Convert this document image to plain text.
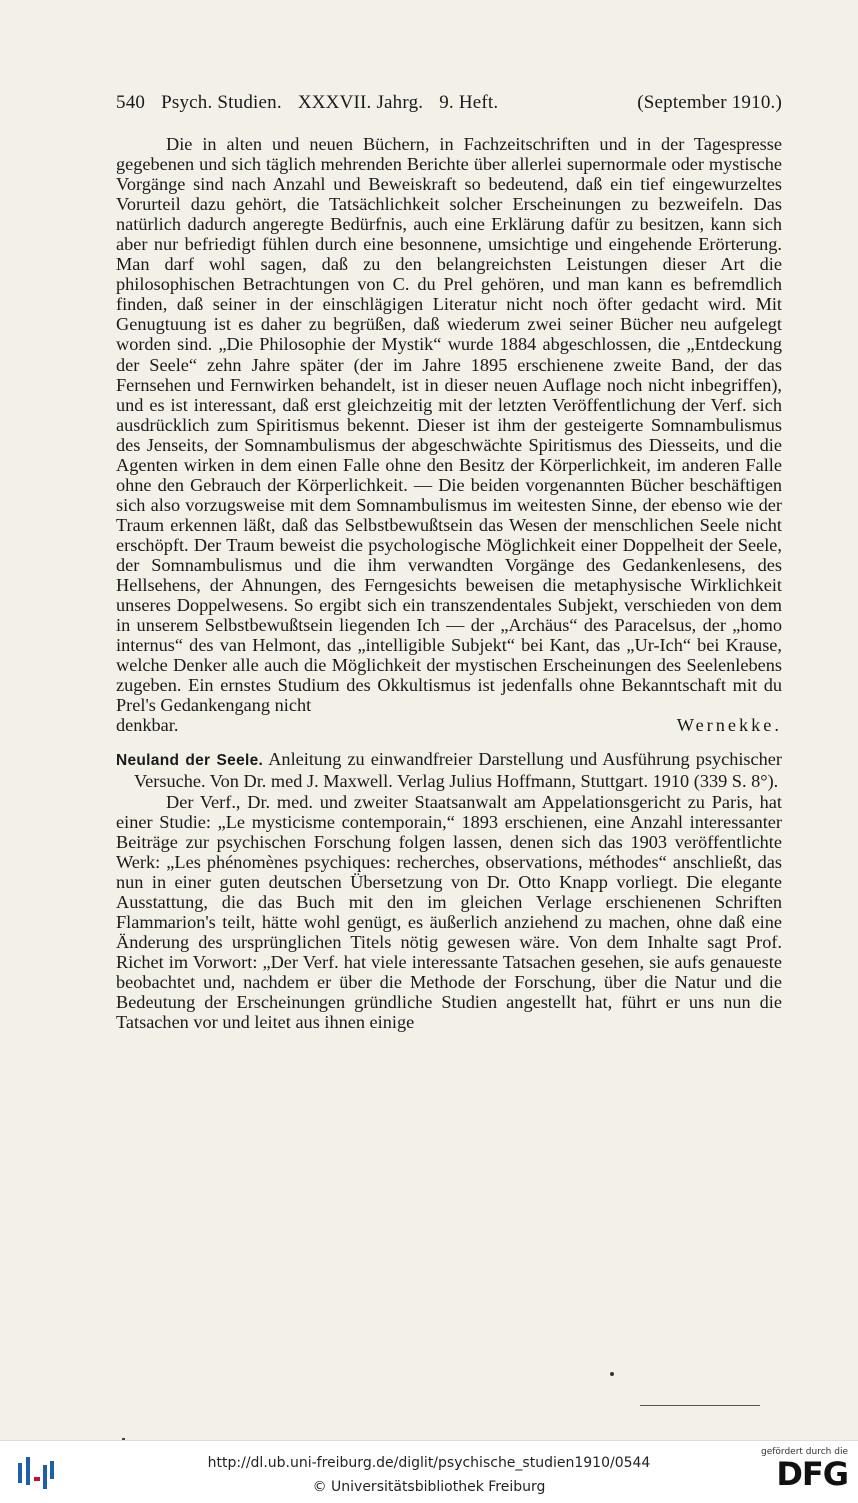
540 Psych. Studien. XXXVII. Jahrg. 9. Heft.	(September 1910.)

Die in alten und neuen Büchern, in Fachzeitschriften und in der Tagespresse gegebenen und sich täglich mehrenden Berichte über allerlei supernormale oder mystische Vorgänge sind nach Anzahl und Beweiskraft so bedeutend, daß ein tief eingewurzeltes Vorurteil dazu gehört, die Tatsächlichkeit solcher Erscheinungen zu bezweifeln. Das natürlich dadurch angeregte Bedürfnis, auch eine Erklärung dafür zu besitzen, kann sich aber nur befriedigt fühlen durch eine besonnene, umsichtige und eingehende Erörterung. Man darf wohl sagen, daß zu den belangreichsten Leistungen dieser Art die philosophischen Betrachtungen von C. du Prel gehören, und man kann es befremdlich finden, daß seiner in der einschlägigen Literatur nicht noch öfter gedacht wird. Mit Genugtuung ist es daher zu begrüßen, daß wiederum zwei seiner Bücher neu aufgelegt worden sind. „Die Philosophie der Mystik“ wurde 1884 abgeschlossen, die „Entdeckung der Seele“ zehn Jahre später (der im Jahre 1895 erschienene zweite Band, der das Fernsehen und Fernwirken behandelt, ist in dieser neuen Auflage noch nicht inbegriffen), und es ist interessant, daß erst gleichzeitig mit der letzten Veröffentlichung der Verf. sich ausdrücklich zum Spiritismus bekennt. Dieser ist ihm der gesteigerte Somnambulismus des Jenseits, der Somnambulismus der abgeschwächte Spiritismus des Diesseits, und die Agenten wirken in dem einen Falle ohne den Besitz der Körperlichkeit, im anderen Falle ohne den Gebrauch der Körperlichkeit. — Die beiden vorgenannten Bücher beschäftigen sich also vorzugsweise mit dem Somnambulismus im weitesten Sinne, der ebenso wie der Traum erkennen läßt, daß das Selbstbewußtsein das Wesen der menschlichen Seele nicht erschöpft. Der Traum beweist die psychologische Möglichkeit einer Doppelheit der Seele, der Somnambulismus und die ihm verwandten Vorgänge des Gedankenlesens, des Hellsehens, der Ahnungen, des Ferngesichts beweisen die metaphysische Wirklichkeit unseres Doppelwesens. So ergibt sich ein transzendentales Subjekt, verschieden von dem in unserem Selbstbewußtsein liegenden Ich — der „Archäus“ des Paracelsus, der „homo internus“ des van Helmont, das „intelligible Subjekt“ bei Kant, das „Ur-Ich“ bei Krause, welche Denker alle auch die Möglichkeit der mystischen Erscheinungen des Seelenlebens zugeben. Ein ernstes Studium des Okkultismus ist jedenfalls ohne Bekanntschaft mit du Prel's Gedankengang nicht

denkbar.	Wernekke.

Neuland der Seele. Anleitung zu einwandfreier Darstellung und Ausführung psychischer Versuche. Von Dr. med J. Maxwell. Verlag Julius Hoffmann, Stuttgart. 1910 (339 S. 8°).

Der Verf., Dr. med. und zweiter Staatsanwalt am Appelationsgericht zu Paris, hat einer Studie: „Le mysticisme contemporain,“ 1893 erschienen, eine Anzahl interessanter Beiträge zur psychischen Forschung folgen lassen, denen sich das 1903 veröffentlichte Werk: „Les phénomènes psychiques: recherches, observations, méthodes“ anschließt, das nun in einer guten deutschen Übersetzung von Dr. Otto Knapp vorliegt. Die elegante Ausstattung, die das Buch mit den im gleichen Verlage erschienenen Schriften Flammarion's teilt, hätte wohl genügt, es äußerlich anziehend zu machen, ohne daß eine Änderung des ursprünglichen Titels nötig gewesen wäre. Von dem Inhalte sagt Prof. Richet im Vorwort: „Der Verf. hat viele interessante Tatsachen gesehen, sie aufs genaueste beobachtet und, nachdem er über die Methode der Forschung, über die Natur und die Bedeutung der Erscheinungen gründliche Studien angestellt hat, führt er uns nun die Tatsachen vor und leitet aus ihnen einige

http://dl.ub.uni-freiburg.de/diglit/psychische_studien1910/0544
© Universitätsbibliothek Freiburg
gefördert durch die
DFG
